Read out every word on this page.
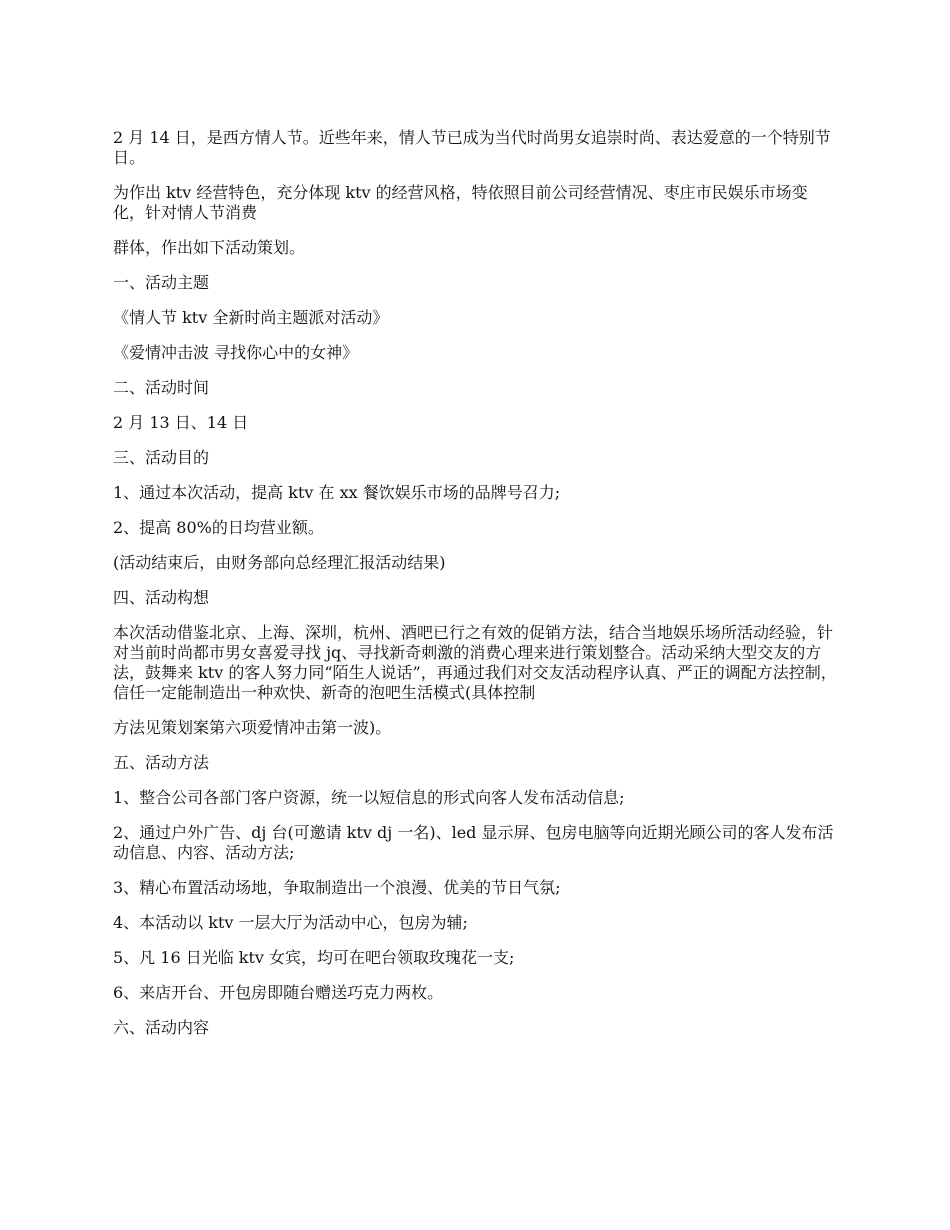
2 月 14 日，是西方情人节。近些年来，情人节已成为当代时尚男女追崇时尚、表达爱意的一个特别节日。

为作出 ktv 经营特色，充分体现 ktv 的经营风格，特依照目前公司经营情况、枣庄市民娱乐市场变化，针对情人节消费

群体，作出如下活动策划。

一、活动主题

《情人节 ktv 全新时尚主题派对活动》

《爱情冲击波 寻找你心中的女神》

二、活动时间

2 月 13 日、14 日

三、活动目的

1、通过本次活动，提高 ktv 在 xx 餐饮娱乐市场的品牌号召力;

2、提高 80%的日均营业额。

(活动结束后，由财务部向总经理汇报活动结果)

四、活动构想

本次活动借鉴北京、上海、深圳，杭州、酒吧已行之有效的促销方法，结合当地娱乐场所活动经验，针对当前时尚都市男女喜爱寻找 jq、寻找新奇刺激的消费心理来进行策划整合。活动采纳大型交友的方法，鼓舞来 ktv 的客人努力同“陌生人说话”，再通过我们对交友活动程序认真、严正的调配方法控制，信任一定能制造出一种欢快、新奇的泡吧生活模式(具体控制

方法见策划案第六项爱情冲击第一波)。

五、活动方法

1、整合公司各部门客户资源，统一以短信息的形式向客人发布活动信息;

2、通过户外广告、dj 台(可邀请 ktv dj 一名)、led 显示屏、包房电脑等向近期光顾公司的客人发布活动信息、内容、活动方法;

3、精心布置活动场地，争取制造出一个浪漫、优美的节日气氛;

4、本活动以 ktv 一层大厅为活动中心，包房为辅;

5、凡 16 日光临 ktv 女宾，均可在吧台领取玫瑰花一支;

6、来店开台、开包房即随台赠送巧克力两枚。

六、活动内容
